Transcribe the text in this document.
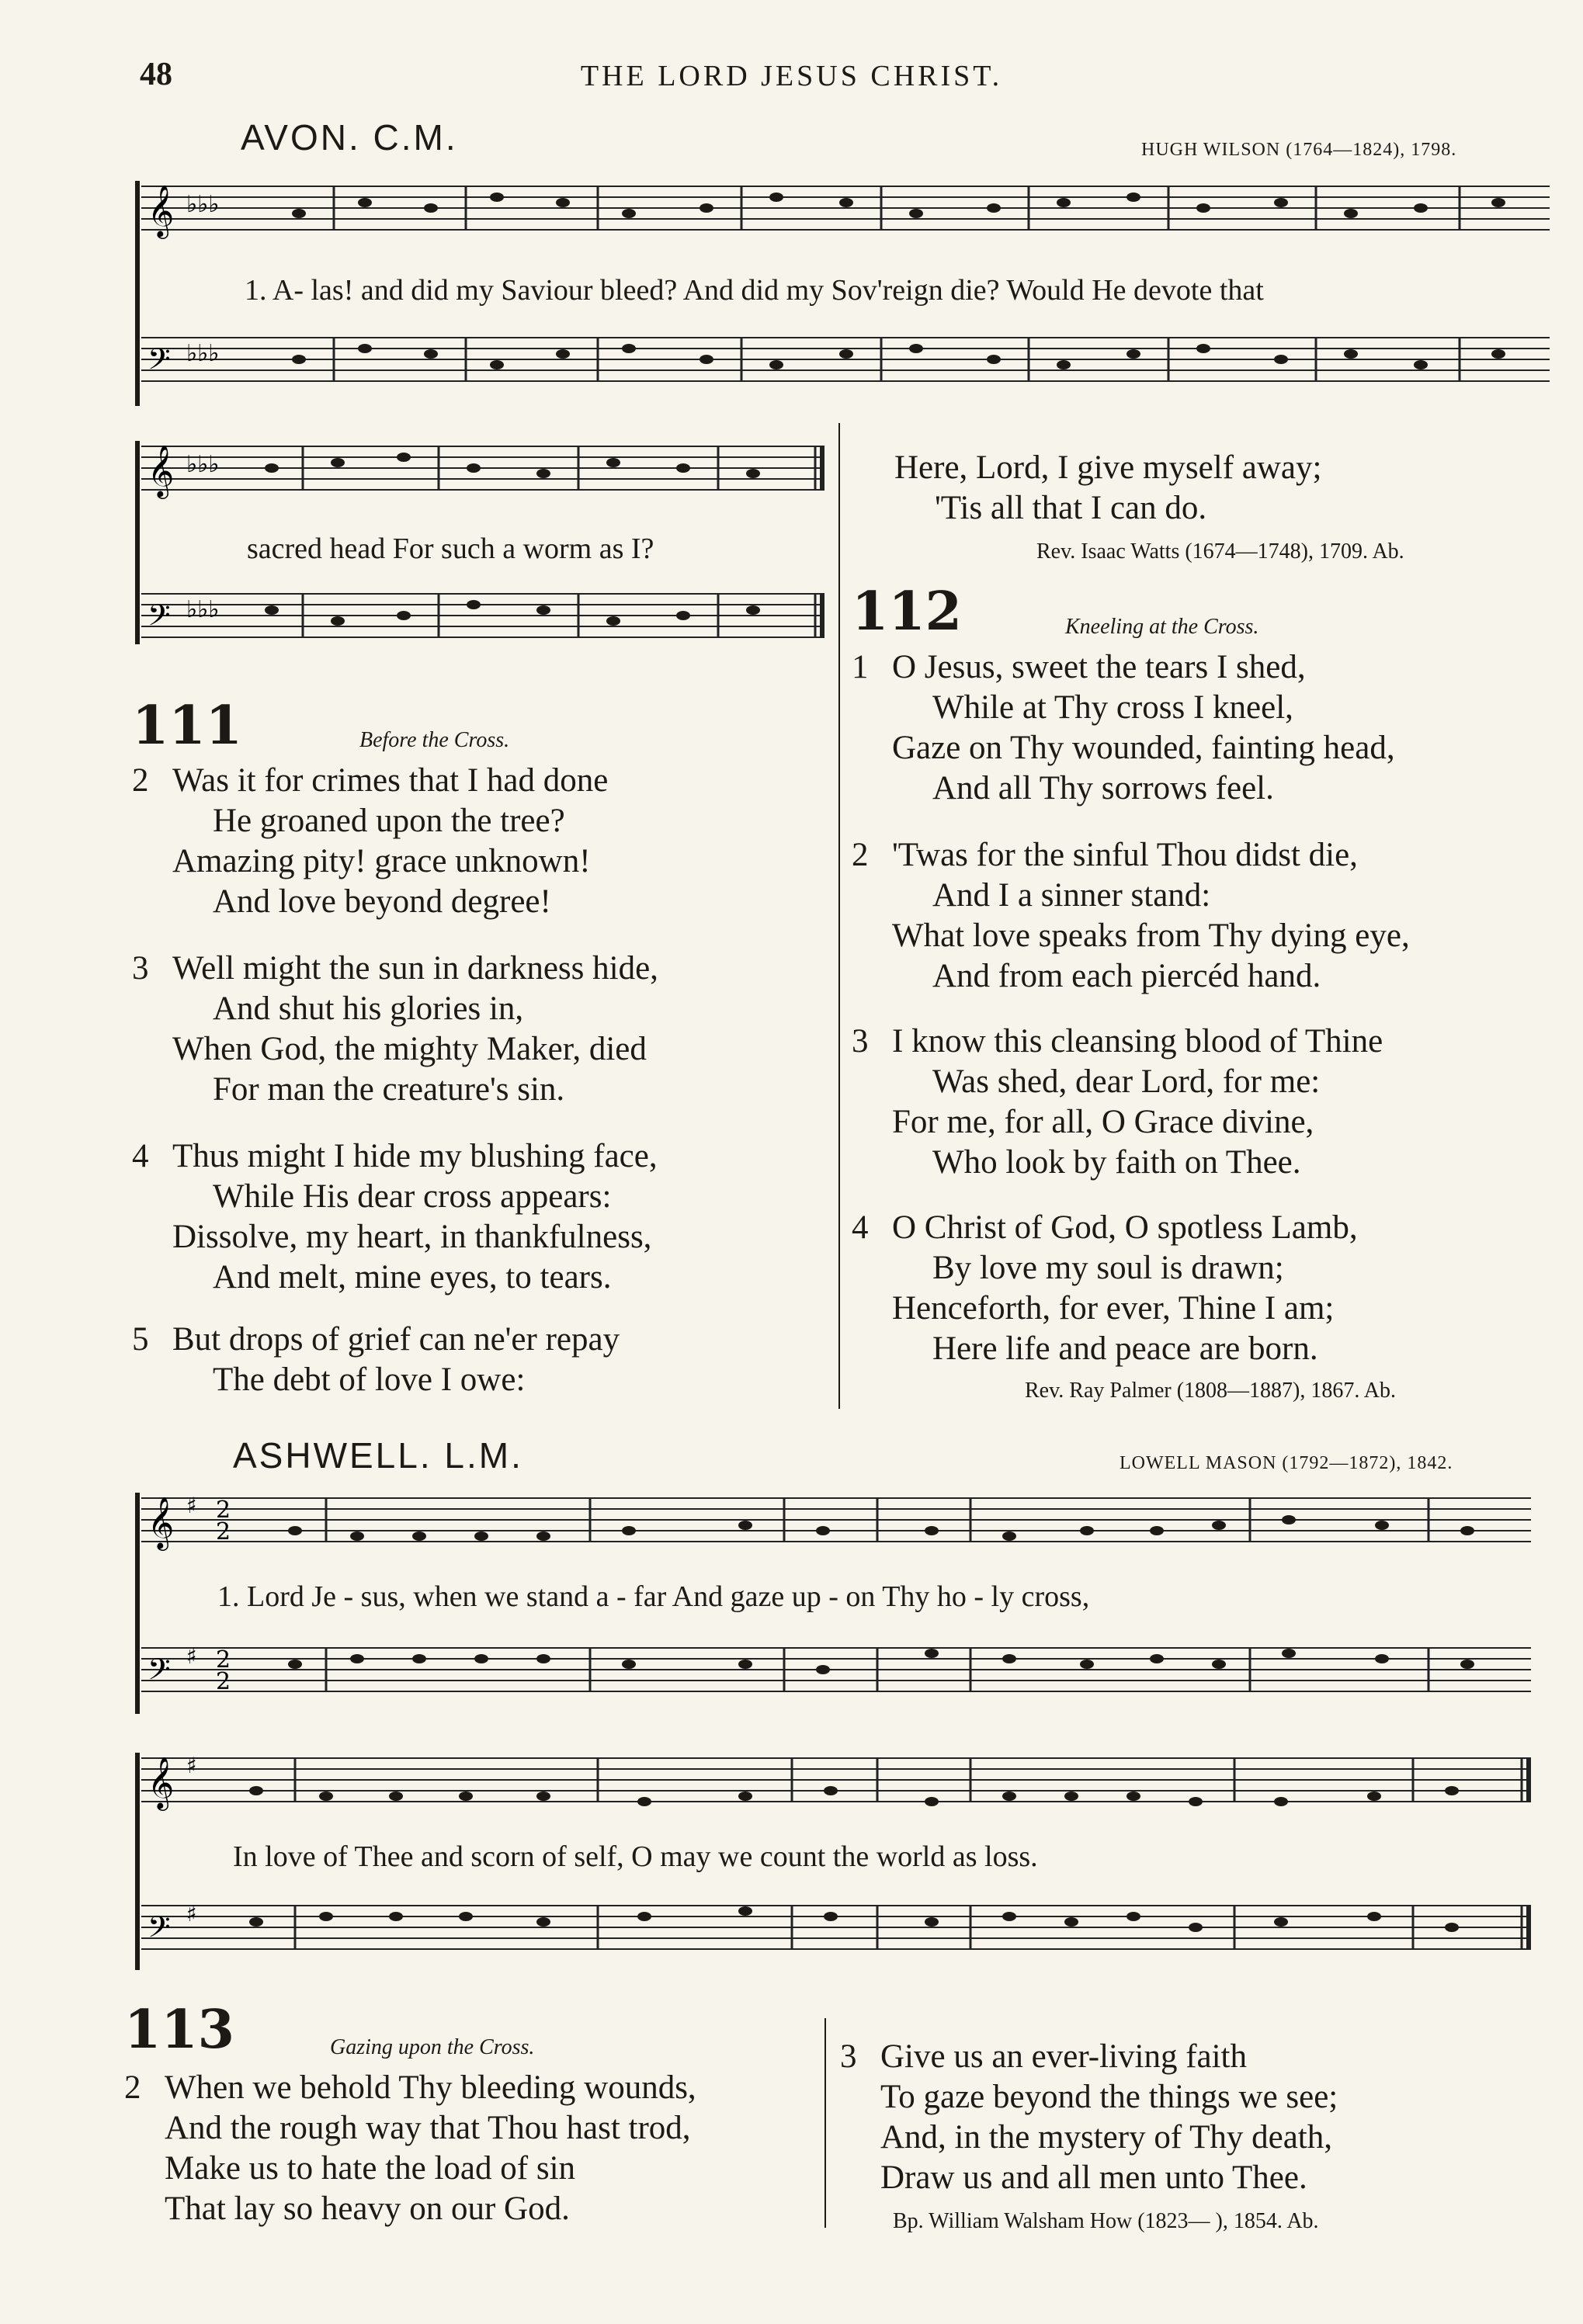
48	THE LORD JESUS CHRIST.
AVON. C.M.	HUGH WILSON (1764—1824), 1798.
𝄞
𝄢
♭♭♭
♭♭♭
1. A- las! and did my Saviour bleed? And did my Sov'reign die? Would He devote that
𝄞
𝄢
♭♭♭
♭♭♭
sacred head For such a worm as I?
111	Before the Cross.
2 Was it for crimes that I had done
He groaned upon the tree?
Amazing pity! grace unknown!
And love beyond degree!
3 Well might the sun in darkness hide,
And shut his glories in,
When God, the mighty Maker, died
For man the creature's sin.
4 Thus might I hide my blushing face,
While His dear cross appears:
Dissolve, my heart, in thankfulness,
And melt, mine eyes, to tears.
5 But drops of grief can ne'er repay
The debt of love I owe:
Here, Lord, I give myself away;
'Tis all that I can do.
Rev. Isaac Watts (1674—1748), 1709. Ab.
112	Kneeling at the Cross.
1 O Jesus, sweet the tears I shed,
While at Thy cross I kneel,
Gaze on Thy wounded, fainting head,
And all Thy sorrows feel.
2 'Twas for the sinful Thou didst die,
And I a sinner stand:
What love speaks from Thy dying eye,
And from each piercéd hand.
3 I know this cleansing blood of Thine
Was shed, dear Lord, for me:
For me, for all, O Grace divine,
Who look by faith on Thee.
4 O Christ of God, O spotless Lamb,
By love my soul is drawn;
Henceforth, for ever, Thine I am;
Here life and peace are born.
Rev. Ray Palmer (1808—1887), 1867. Ab.
ASHWELL. L.M.	LOWELL MASON (1792—1872), 1842.
𝄞
𝄢
♯ 2
2
♯ 2
2
1. Lord Je - sus, when we stand a - far And gaze up - on Thy ho - ly cross,
𝄞
𝄢
♯
♯
In love of Thee and scorn of self, O may we count the world as loss.
113	Gazing upon the Cross.
2 When we behold Thy bleeding wounds,
And the rough way that Thou hast trod,
Make us to hate the load of sin
That lay so heavy on our God.
3 Give us an ever-living faith
To gaze beyond the things we see;
And, in the mystery of Thy death,
Draw us and all men unto Thee.
Bp. William Walsham How (1823— ), 1854. Ab.
